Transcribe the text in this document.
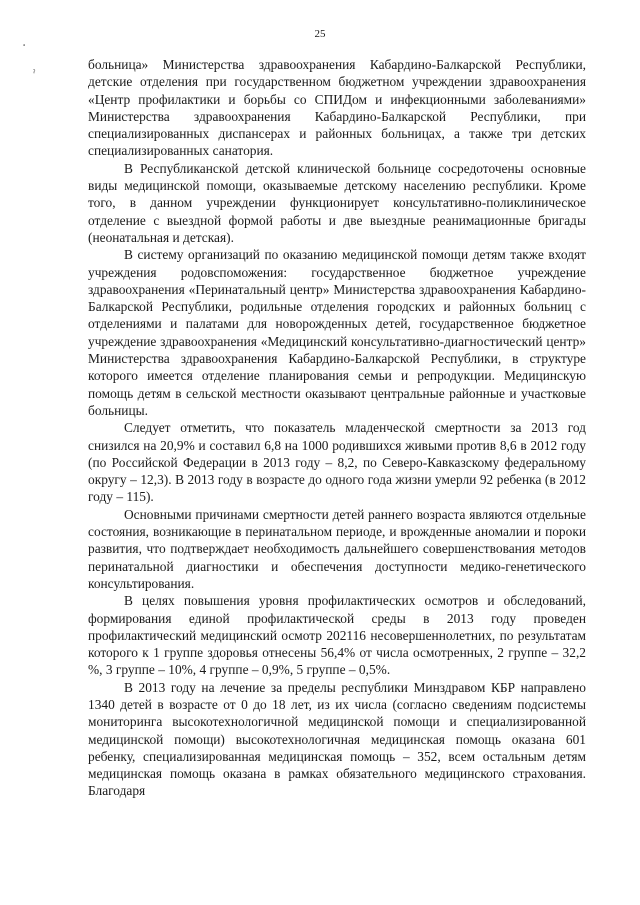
25
ˀ

больница» Министерства здравоохранения Кабардино-Балкарской Республики, детские отделения при государственном бюджетном учреждении здравоохранения «Центр профилактики и борьбы со СПИДом и инфекционными заболеваниями» Министерства здравоохранения Кабардино-Балкарской Республики, при специализированных диспансерах и районных больницах, а также три детских специализированных санатория.

В Республиканской детской клинической больнице сосредоточены основные виды медицинской помощи, оказываемые детскому населению республики. Кроме того, в данном учреждении функционирует консультативно-поликлиническое отделение с выездной формой работы и две выездные реанимационные бригады (неонатальная и детская).

В систему организаций по оказанию медицинской помощи детям также входят учреждения родовспоможения: государственное бюджетное учреждение здравоохранения «Перинатальный центр» Министерства здравоохранения Кабардино-Балкарской Республики, родильные отделения городских и районных больниц с отделениями и палатами для новорожденных детей, государственное бюджетное учреждение здравоохранения «Медицинский консультативно-диагностический центр» Министерства здравоохранения Кабардино-Балкарской Республики, в структуре которого имеется отделение планирования семьи и репродукции. Медицинскую помощь детям в сельской местности оказывают центральные районные и участковые больницы.

Следует отметить, что показатель младенческой смертности за 2013 год снизился на 20,9% и составил 6,8 на 1000 родившихся живыми против 8,6 в 2012 году (по Российской Федерации в 2013 году – 8,2, по Северо-Кавказскому федеральному округу – 12,3). В 2013 году в возрасте до одного года жизни умерли 92 ребенка (в 2012 году – 115).

Основными причинами смертности детей раннего возраста являются отдельные состояния, возникающие в перинатальном периоде, и врожденные аномалии и пороки развития, что подтверждает необходимость дальнейшего совершенствования методов перинатальной диагностики и обеспечения доступности медико-генетического консультирования.

В целях повышения уровня профилактических осмотров и обследований, формирования единой профилактической среды в 2013 году проведен профилактический медицинский осмотр 202116 несовершеннолетних, по результатам которого к 1 группе здоровья отнесены 56,4% от числа осмотренных, 2 группе – 32,2 %, 3 группе – 10%, 4 группе – 0,9%, 5 группе – 0,5%.

В 2013 году на лечение за пределы республики Минздравом КБР направлено 1340 детей в возрасте от 0 до 18 лет, из их числа (согласно сведениям подсистемы мониторинга высокотехнологичной медицинской помощи и специализированной медицинской помощи) высокотехнологичная медицинская помощь оказана 601 ребенку, специализированная медицинская помощь – 352, всем остальным детям медицинская помощь оказана в рамках обязательного медицинского страхования. Благодаря
